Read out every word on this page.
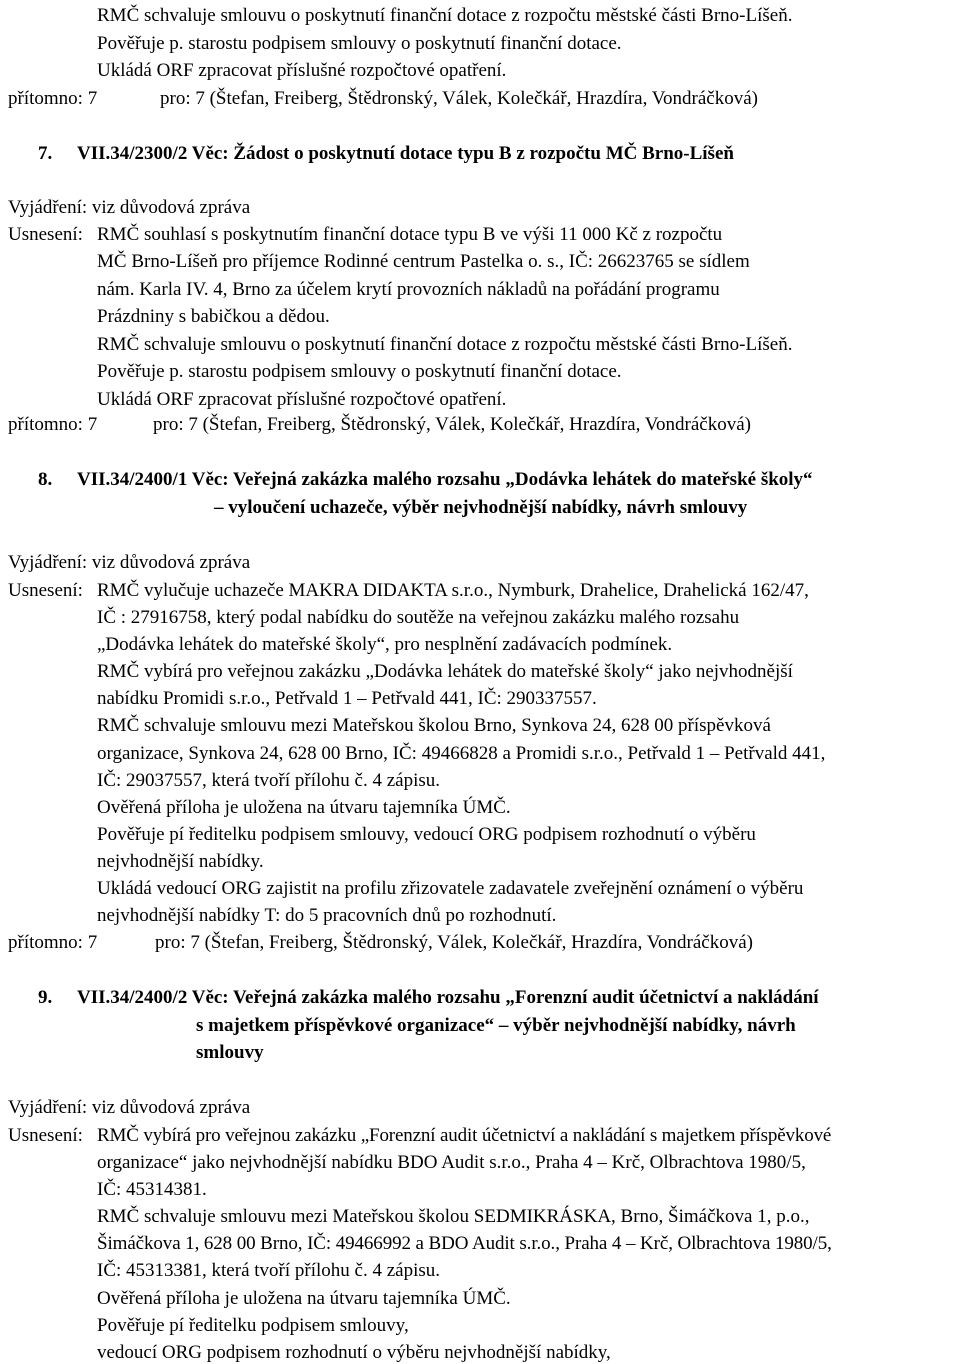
RMČ schvaluje smlouvu o poskytnutí finanční dotace z rozpočtu městské části Brno-Líšeň.
Pověřuje p. starostu podpisem smlouvy o poskytnutí finanční dotace.
Ukládá ORF zpracovat příslušné rozpočtové opatření.
přítomno: 7	pro: 7 (Štefan, Freiberg, Štědronský, Válek, Kolečkář, Hrazdíra, Vondráčková)
7. VII.34/2300/2 Věc: Žádost o poskytnutí dotace typu B z rozpočtu MČ Brno-Líšeň
Vyjádření: viz důvodová zpráva
Usnesení: RMČ souhlasí s poskytnutím finanční dotace typu B ve výši 11 000 Kč z rozpočtu
MČ Brno-Líšeň pro příjemce Rodinné centrum Pastelka o. s., IČ: 26623765 se sídlem
nám. Karla IV. 4, Brno za účelem krytí provozních nákladů na pořádání programu
Prázdniny s babičkou a dědou.
RMČ schvaluje smlouvu o poskytnutí finanční dotace z rozpočtu městské části Brno-Líšeň.
Pověřuje p. starostu podpisem smlouvy o poskytnutí finanční dotace.
Ukládá ORF zpracovat příslušné rozpočtové opatření.
přítomno: 7	pro: 7 (Štefan, Freiberg, Štědronský, Válek, Kolečkář, Hrazdíra, Vondráčková)
8. VII.34/2400/1 Věc: Veřejná zakázka malého rozsahu „Dodávka lehátek do mateřské školy“
– vyloučení uchazeče, výběr nejvhodnější nabídky, návrh smlouvy
Vyjádření: viz důvodová zpráva
Usnesení: RMČ vylučuje uchazeče MAKRA DIDAKTA s.r.o., Nymburk, Drahelice, Drahelická 162/47,
IČ : 27916758, který podal nabídku do soutěže na veřejnou zakázku malého rozsahu
„Dodávka lehátek do mateřské školy“, pro nesplnění zadávacích podmínek.
RMČ vybírá pro veřejnou zakázku „Dodávka lehátek do mateřské školy“ jako nejvhodnější
nabídku Promidi s.r.o., Petřvald 1 – Petřvald 441, IČ: 290337557.
RMČ schvaluje smlouvu mezi Mateřskou školou Brno, Synkova 24, 628 00 příspěvková
organizace, Synkova 24, 628 00 Brno, IČ: 49466828 a Promidi s.r.o., Petřvald 1 – Petřvald 441,
IČ: 29037557, která tvoří přílohu č. 4 zápisu.
Ověřená příloha je uložena na útvaru tajemníka ÚMČ.
Pověřuje pí ředitelku podpisem smlouvy, vedoucí ORG podpisem rozhodnutí o výběru
nejvhodnější nabídky.
Ukládá vedoucí ORG zajistit na profilu zřizovatele zadavatele zveřejnění oznámení o výběru
nejvhodnější nabídky T: do 5 pracovních dnů po rozhodnutí.
přítomno: 7	pro: 7 (Štefan, Freiberg, Štědronský, Válek, Kolečkář, Hrazdíra, Vondráčková)
9. VII.34/2400/2 Věc: Veřejná zakázka malého rozsahu „Forenzní audit účetnictví a nakládání
s majetkem příspěvkové organizace“ – výběr nejvhodnější nabídky, návrh
smlouvy
Vyjádření: viz důvodová zpráva
Usnesení: RMČ vybírá pro veřejnou zakázku „Forenzní audit účetnictví a nakládání s majetkem příspěvkové
organizace“ jako nejvhodnější nabídku BDO Audit s.r.o., Praha 4 – Krč, Olbrachtova 1980/5,
IČ: 45314381.
RMČ schvaluje smlouvu mezi Mateřskou školou SEDMIKRÁSKA, Brno, Šimáčkova 1, p.o.,
Šimáčkova 1, 628 00 Brno, IČ: 49466992 a BDO Audit s.r.o., Praha 4 – Krč, Olbrachtova 1980/5,
IČ: 45313381, která tvoří přílohu č. 4 zápisu.
Ověřená příloha je uložena na útvaru tajemníka ÚMČ.
Pověřuje pí ředitelku podpisem smlouvy,
vedoucí ORG podpisem rozhodnutí o výběru nejvhodnější nabídky,
